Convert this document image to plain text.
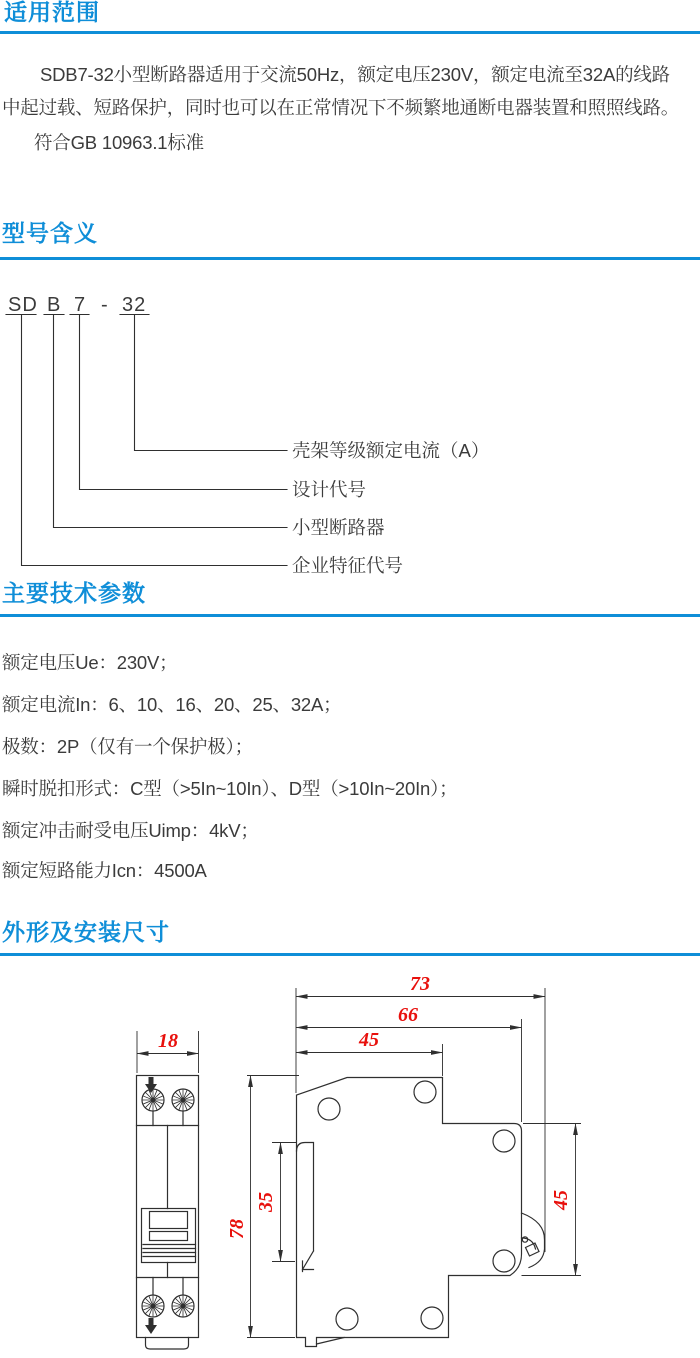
适用范围
SDB7-32小型断路器适用于交流50Hz，额定电压230V，额定电流至32A的线路
中起过载、短路保护，同时也可以在正常情况下不频繁地通断电器装置和照照线路。
符合GB 10963.1标准
型号含义
SD B 7 - 32
壳架等级额定电流（A）
设计代号
小型断路器
企业特征代号
主要技术参数
额定电压Ue：230V；
额定电流In：6、10、16、20、25、32A；
极数：2P（仅有一个保护极）；
瞬时脱扣形式：C型（>5In~10In）、D型（>10In~20In）；
额定冲击耐受电压Uimp：4kV；
额定短路能力Icn：4500A
外形及安装尺寸
18
73
66
45
78
35	45
